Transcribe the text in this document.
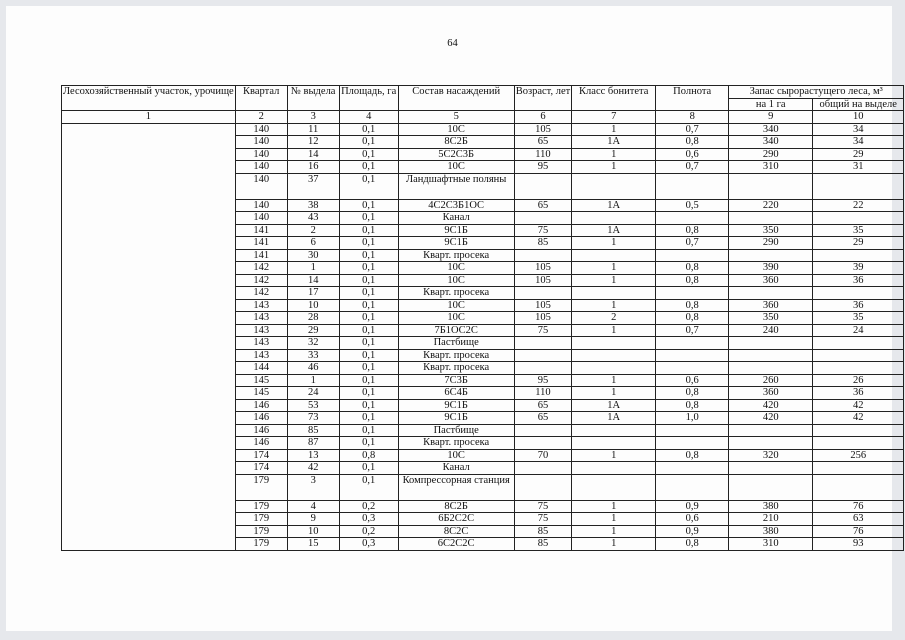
64
Лесохозяйственный участок, урочище	Квартал	№ выдела	Площадь, га	Состав насаждений	Возраст, лет	Класс бонитета	Полнота	Запас сырорастущего леса, м³	
								на 1 га	общий на выделе
1	2	3	4	5	6	7	8	9	10
	140	11	0,1	10С	105	1	0,7	340	34
	140	12	0,1	8С2Б	65	1А	0,8	340	34
	140	14	0,1	5С2С3Б	110	1	0,6	290	29
	140	16	0,1	10С	95	1	0,7	310	31
	140	37	0,1	Ландшафтные поляны					
	140	38	0,1	4С2С3Б1ОС	65	1А	0,5	220	22
	140	43	0,1	Канал					
	141	2	0,1	9С1Б	75	1А	0,8	350	35
	141	6	0,1	9С1Б	85	1	0,7	290	29
	141	30	0,1	Кварт. просека					
	142	1	0,1	10С	105	1	0,8	390	39
	142	14	0,1	10С	105	1	0,8	360	36
	142	17	0,1	Кварт. просека					
	143	10	0,1	10С	105	1	0,8	360	36
	143	28	0,1	10С	105	2	0,8	350	35
	143	29	0,1	7Б1ОС2С	75	1	0,7	240	24
	143	32	0,1	Пастбище					
	143	33	0,1	Кварт. просека					
	144	46	0,1	Кварт. просека					
	145	1	0,1	7С3Б	95	1	0,6	260	26
	145	24	0,1	6С4Б	110	1	0,8	360	36
	146	53	0,1	9С1Б	65	1А	0,8	420	42
	146	73	0,1	9С1Б	65	1А	1,0	420	42
	146	85	0,1	Пастбище					
	146	87	0,1	Кварт. просека					
	174	13	0,8	10С	70	1	0,8	320	256
	174	42	0,1	Канал					
	179	3	0,1	Компрессорная станция					
	179	4	0,2	8С2Б	75	1	0,9	380	76
	179	9	0,3	6Б2С2С	75	1	0,6	210	63
	179	10	0,2	8С2С	85	1	0,9	380	76
	179	15	0,3	6С2С2С	85	1	0,8	310	93
